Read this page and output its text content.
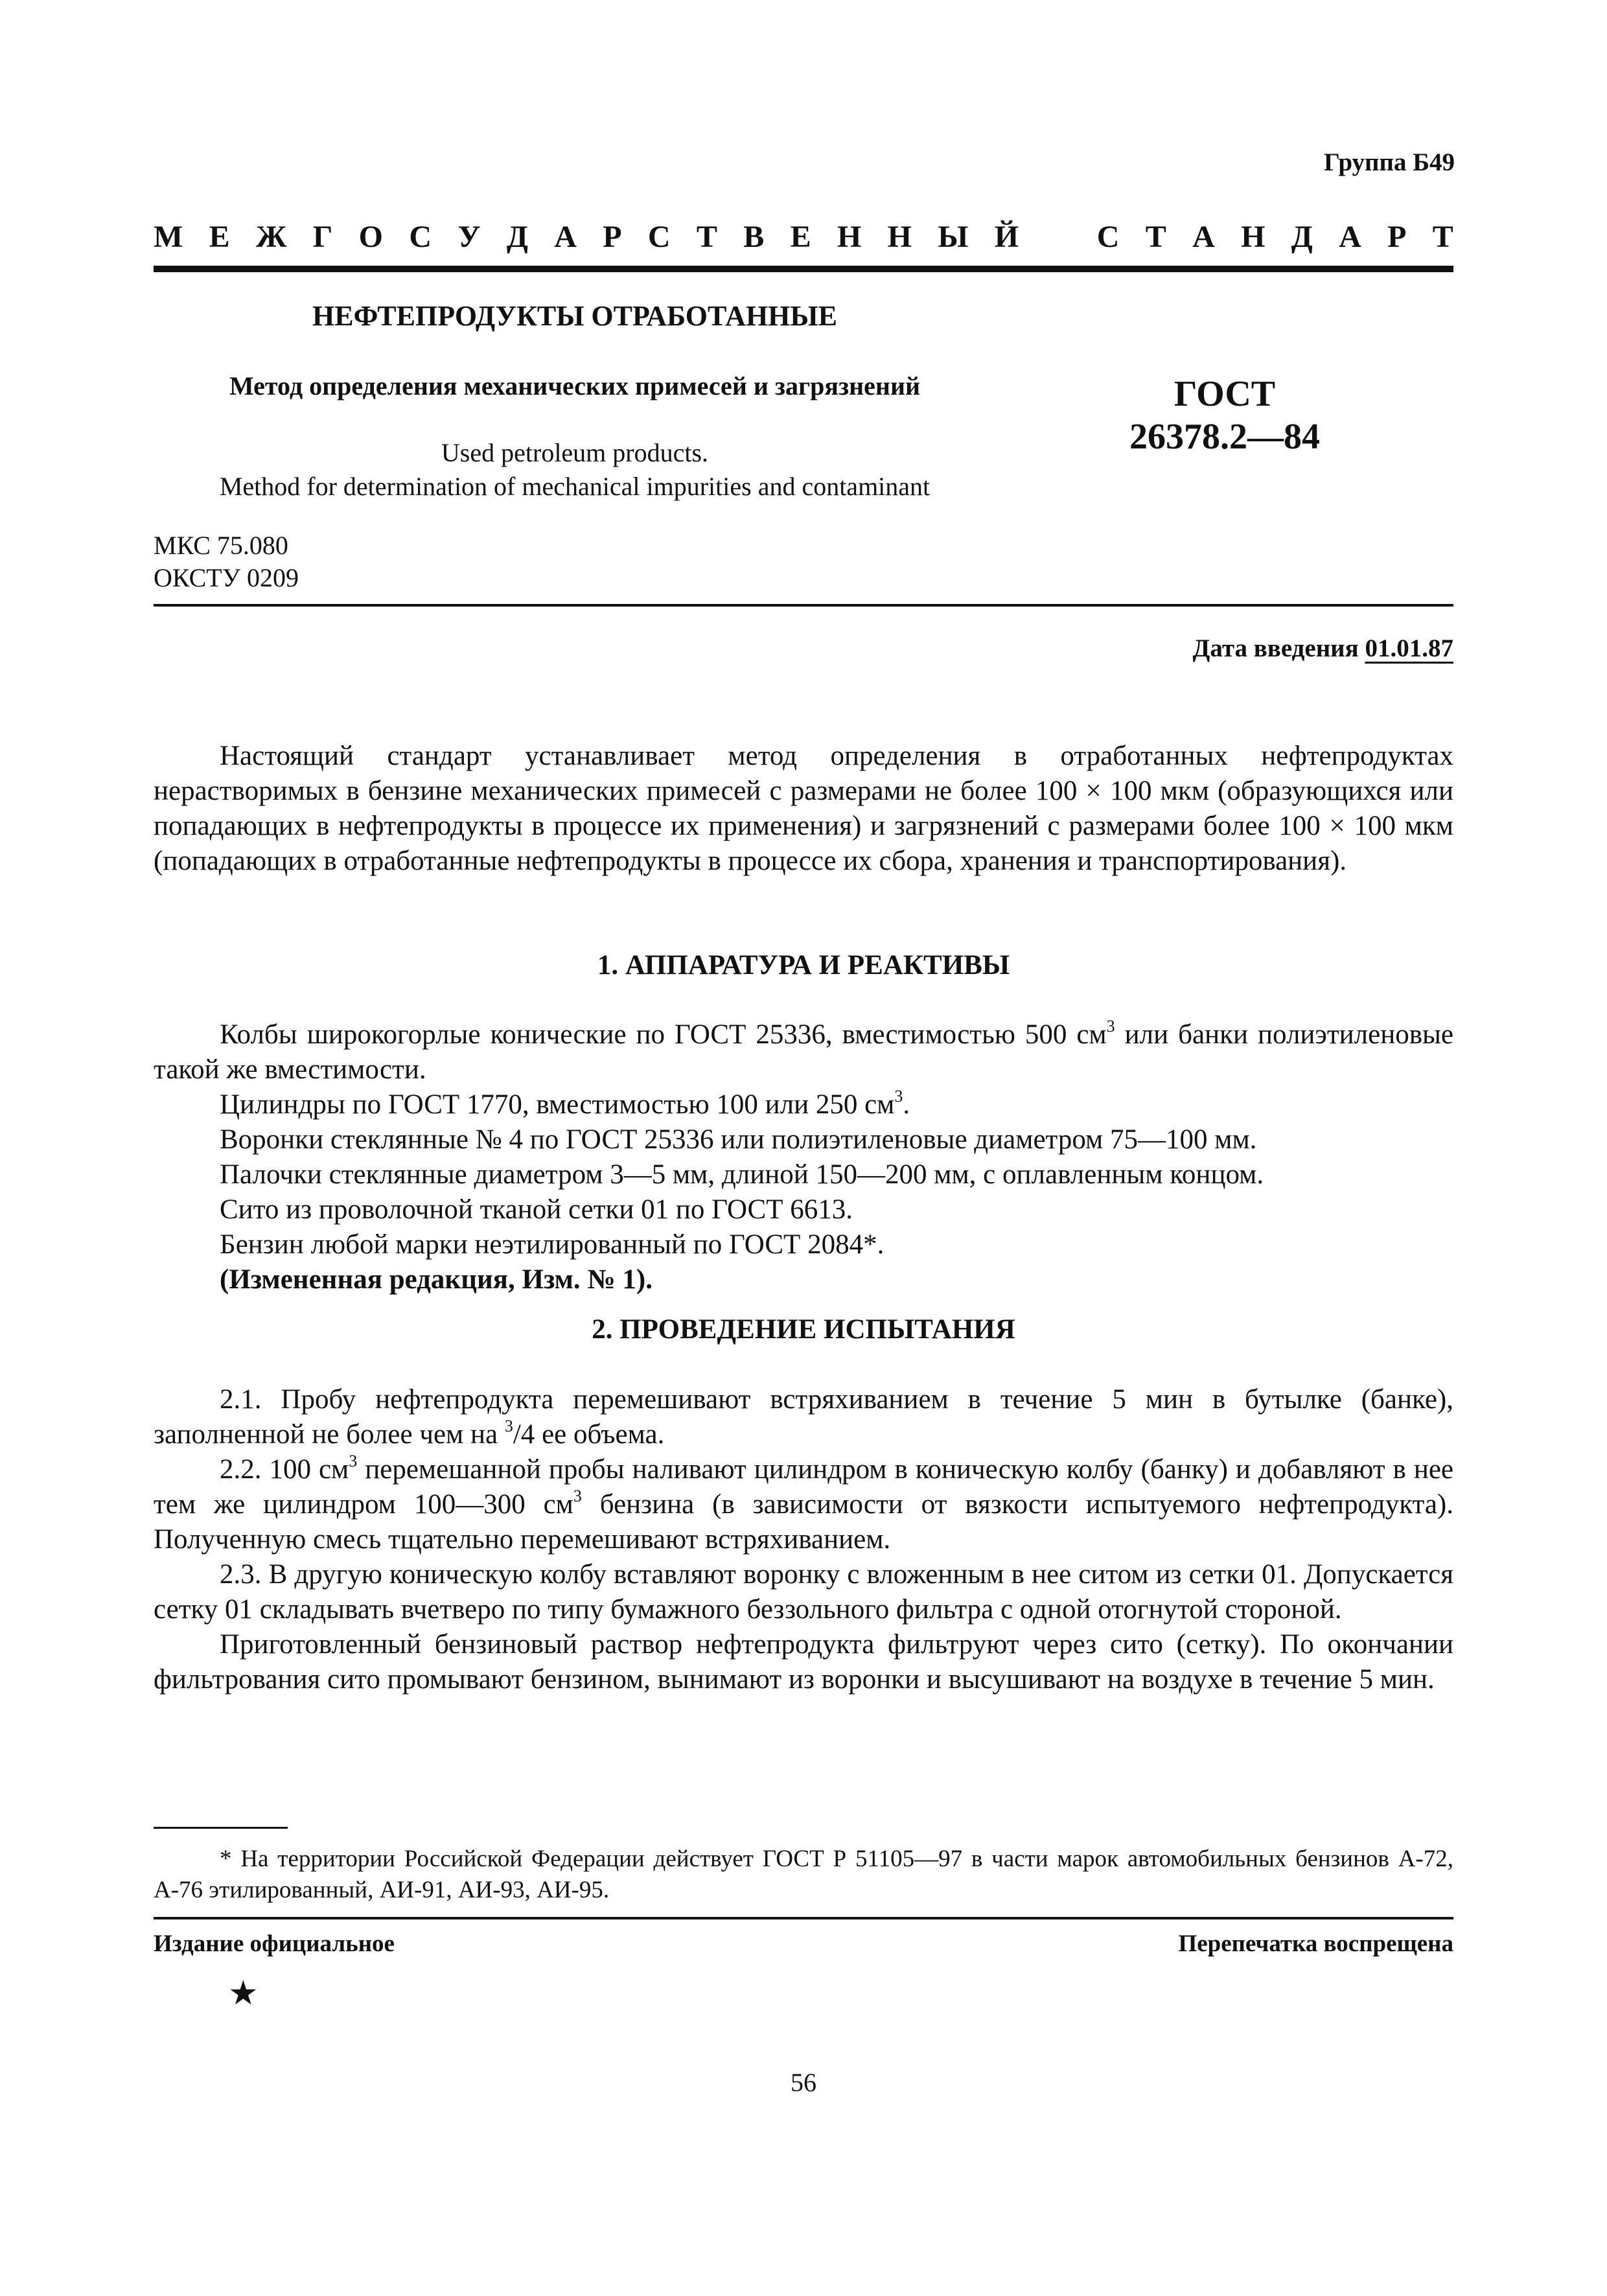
Группа Б49
М Е Ж Г О С У Д А Р С Т В Е Н Н Ы Й	С Т А Н Д А Р Т
НЕФТЕПРОДУКТЫ ОТРАБОТАННЫЕ
Метод определения механических примесей и загрязнений
Used petroleum products.
Method for determination of mechanical impurities and contaminant
ГОСТ
26378.2—84
МКС 75.080
ОКСТУ 0209
Дата введения 01.01.87

Настоящий стандарт устанавливает метод определения в отработанных нефтепродуктах нерастворимых в бензине механических примесей с размерами не более 100 × 100 мкм (образующихся или попадающих в нефтепродукты в процессе их применения) и загрязнений с размерами более 100 × 100 мкм (попадающих в отработанные нефтепродукты в процессе их сбора, хранения и транспортирования).

1. АППАРАТУРА И РЕАКТИВЫ

Колбы широкогорлые конические по ГОСТ 25336, вместимостью 500 $см^3$ или банки полиэтиленовые такой же вместимости.

Цилиндры по ГОСТ 1770, вместимостью 100 или 250 $см^3$.

Воронки стеклянные № 4 по ГОСТ 25336 или полиэтиленовые диаметром 75—100 мм.

Палочки стеклянные диаметром 3—5 мм, длиной 150—200 мм, с оплавленным концом.

Сито из проволочной тканой сетки 01 по ГОСТ 6613.

Бензин любой марки неэтилированный по ГОСТ 2084*.

(Измененная редакция, Изм. № 1).

2. ПРОВЕДЕНИЕ ИСПЫТАНИЯ

2.1. Пробу нефтепродукта перемешивают встряхиванием в течение 5 мин в бутылке (банке), заполненной не более чем на $^3$/4 ее объема.

2.2. 100 $см^3$ перемешанной пробы наливают цилиндром в коническую колбу (банку) и добавляют в нее тем же цилиндром 100—300 $см^3$ бензина (в зависимости от вязкости испытуемого нефтепродукта). Полученную смесь тщательно перемешивают встряхиванием.

2.3. В другую коническую колбу вставляют воронку с вложенным в нее ситом из сетки 01. Допускается сетку 01 складывать вчетверо по типу бумажного беззольного фильтра с одной отогнутой стороной.

Приготовленный бензиновый раствор нефтепродукта фильтруют через сито (сетку). По окончании фильтрования сито промывают бензином, вынимают из воронки и высушивают на воздухе в течение 5 мин.

* На территории Российской Федерации действует ГОСТ Р 51105—97 в части марок автомобильных бензинов А-72, А-76 этилированный, АИ-91, АИ-93, АИ-95.

Издание официальное	Перепечатка воспрещена
★
56
